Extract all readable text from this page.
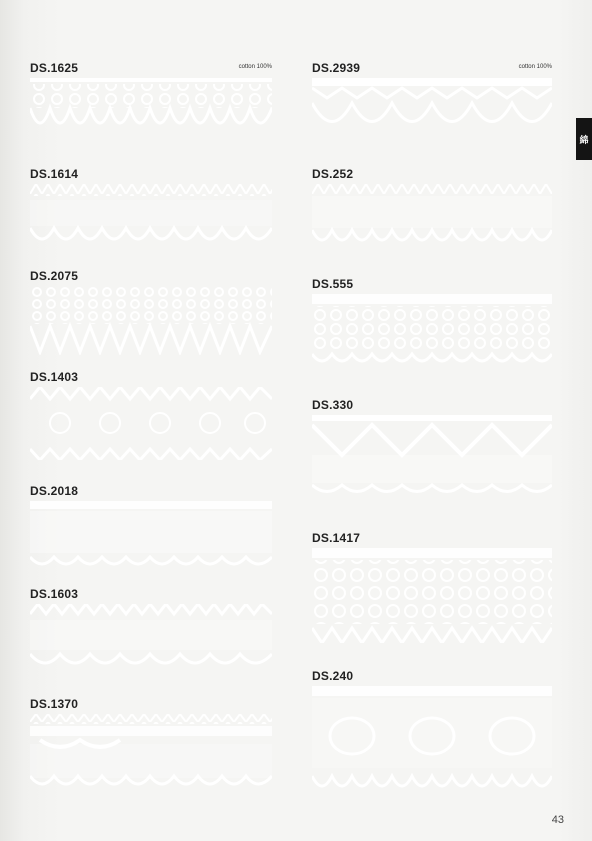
綿
DS.1625	cotton 100%
DS.1614
DS.2075
DS.1403
DS.2018
DS.1603
DS.1370
DS.2939	cotton 100%
DS.252
DS.555
DS.330
DS.1417
DS.240
43
